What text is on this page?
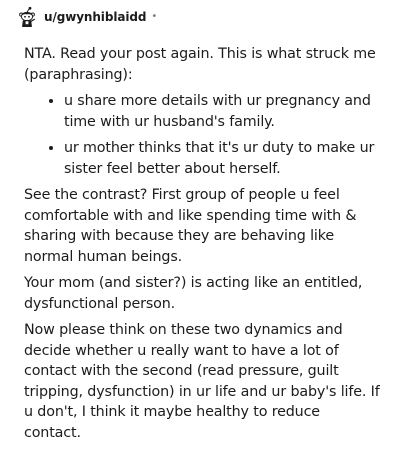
u/gwynhiblaidd •

NTA. Read your post again. This is what struck me (paraphrasing):

• u share more details with ur pregnancy and time with ur husband's family.
• ur mother thinks that it's ur duty to make ur sister feel better about herself.

See the contrast? First group of people u feel comfortable with and like spending time with & sharing with because they are behaving like normal human beings.

Your mom (and sister?) is acting like an entitled, dysfunctional person.

Now please think on these two dynamics and decide whether u really want to have a lot of contact with the second (read pressure, guilt tripping, dysfunction) in ur life and ur baby's life. If u don't, I think it maybe healthy to reduce contact.
